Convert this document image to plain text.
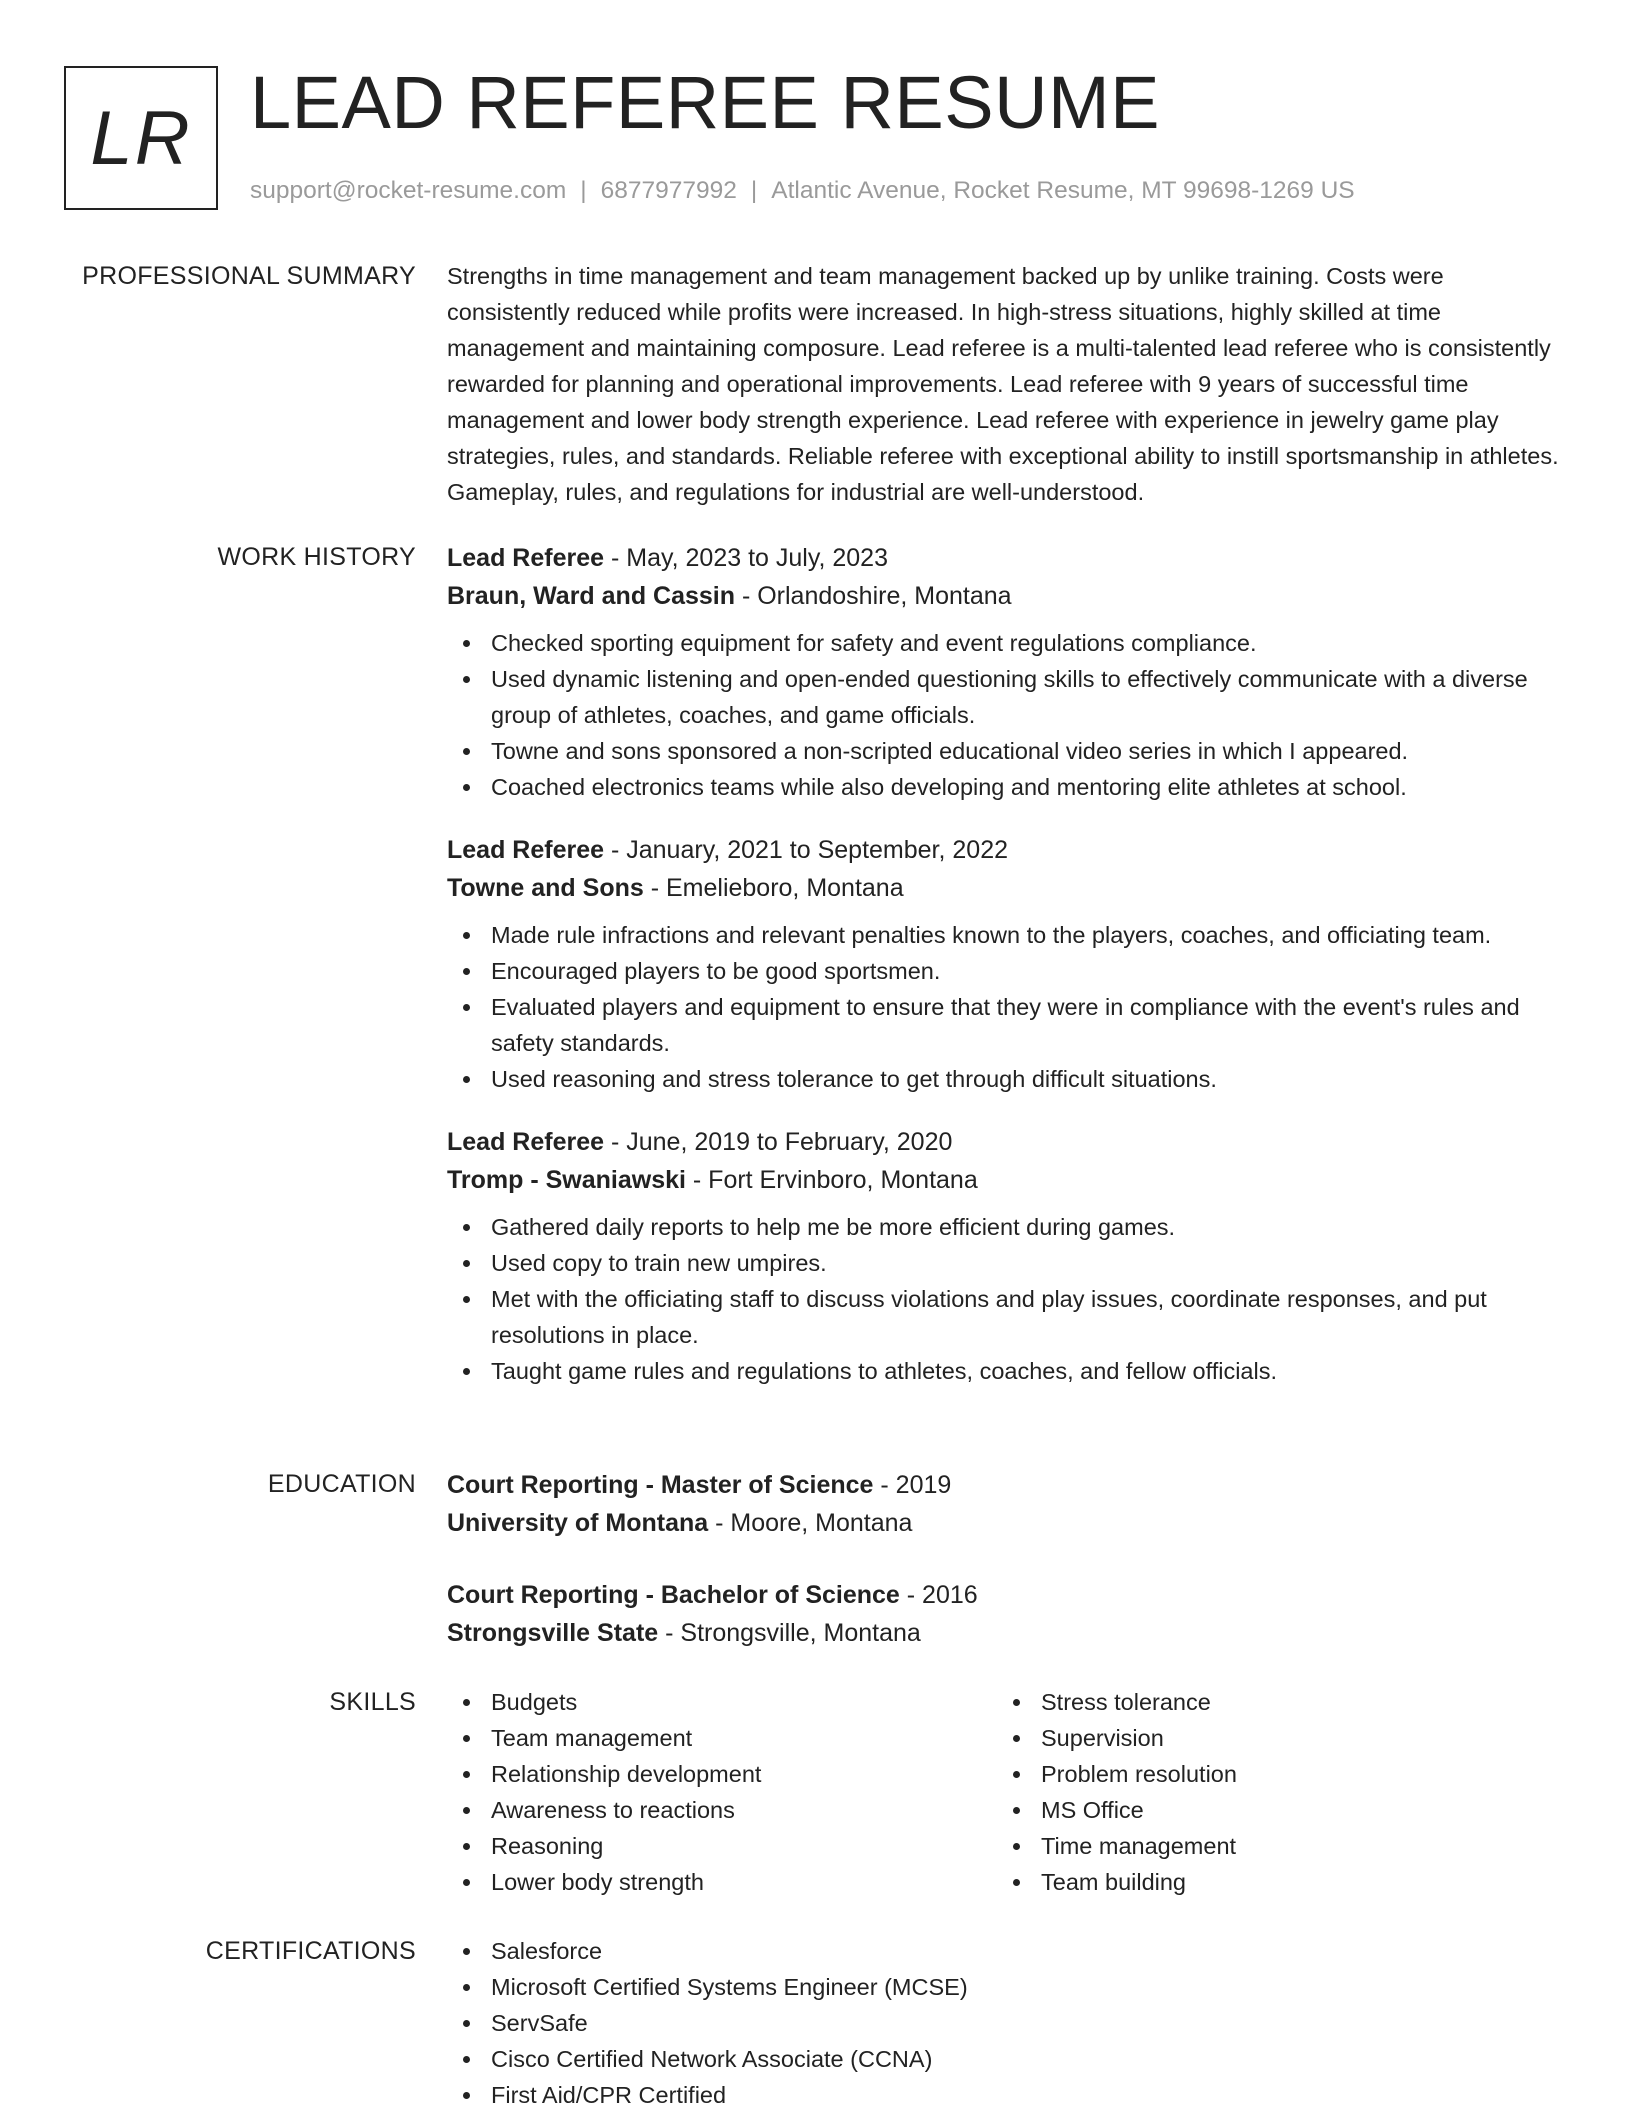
LR LEAD REFEREE RESUME
support@rocket-resume.com | 6877977992 | Atlantic Avenue, Rocket Resume, MT 99698-1269 US
PROFESSIONAL SUMMARY Strengths in time management and team management backed up by unlike training. Costs were consistently reduced while profits were increased. In high-stress situations, highly skilled at time management and maintaining composure. Lead referee is a multi-talented lead referee who is consistently rewarded for planning and operational improvements. Lead referee with 9 years of successful time management and lower body strength experience. Lead referee with experience in jewelry game play strategies, rules, and standards. Reliable referee with exceptional ability to instill sportsmanship in athletes. Gameplay, rules, and regulations for industrial are well-understood.
WORK HISTORY Lead Referee - May, 2023 to July, 2023
Braun, Ward and Cassin - Orlandoshire, Montana
Checked sporting equipment for safety and event regulations compliance.
Used dynamic listening and open-ended questioning skills to effectively communicate with a diverse group of athletes, coaches, and game officials.
Towne and sons sponsored a non-scripted educational video series in which I appeared.
Coached electronics teams while also developing and mentoring elite athletes at school.
Lead Referee - January, 2021 to September, 2022
Towne and Sons - Emelieboro, Montana
Made rule infractions and relevant penalties known to the players, coaches, and officiating team.
Encouraged players to be good sportsmen.
Evaluated players and equipment to ensure that they were in compliance with the event's rules and safety standards.
Used reasoning and stress tolerance to get through difficult situations.
Lead Referee - June, 2019 to February, 2020
Tromp - Swaniawski - Fort Ervinboro, Montana
Gathered daily reports to help me be more efficient during games.
Used copy to train new umpires.
Met with the officiating staff to discuss violations and play issues, coordinate responses, and put resolutions in place.
Taught game rules and regulations to athletes, coaches, and fellow officials.
EDUCATION Court Reporting - Master of Science - 2019
University of Montana - Moore, Montana
Court Reporting - Bachelor of Science - 2016
Strongsville State - Strongsville, Montana
SKILLS	Budgets
Team management
Relationship development
Awareness to reactions
Reasoning
Lower body strength
Stress tolerance
Supervision
Problem resolution
MS Office
Time management
Team building
CERTIFICATIONS	Salesforce
Microsoft Certified Systems Engineer (MCSE)
ServSafe
Cisco Certified Network Associate (CCNA)
First Aid/CPR Certified
